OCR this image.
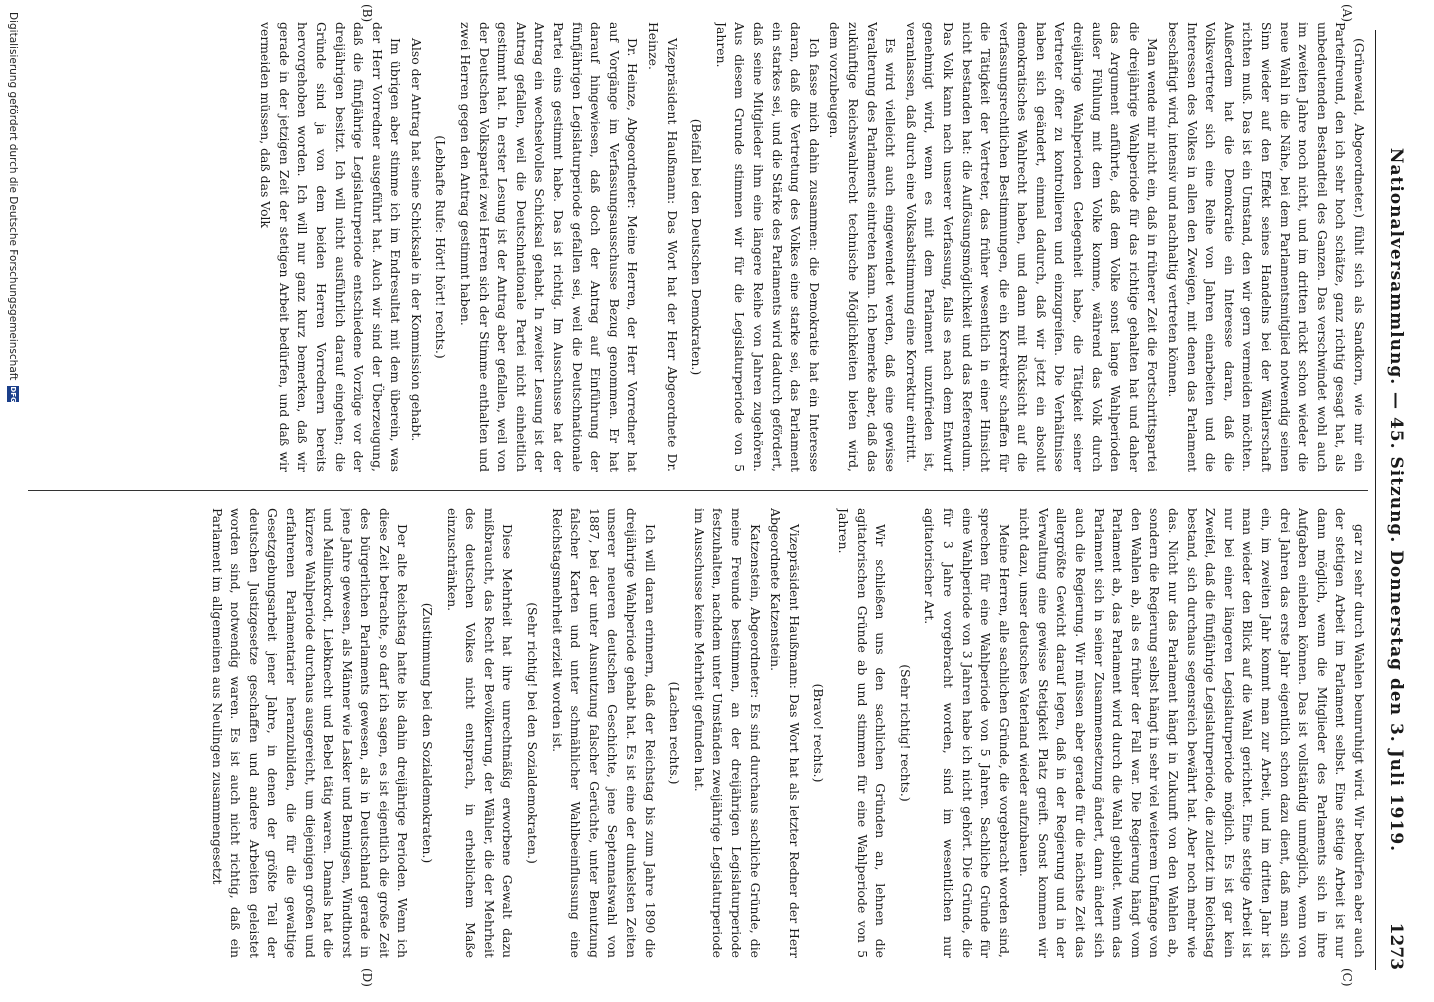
Nationalversammlung. — 45. Sitzung. Donnerstag den 3. Juli 1919.
1273
(A)
(B)
(C)
(D)

(Grünewald, Abgeordneter.) fühlt sich als Sandkorn, wie mir ein Parteifreund, den ich sehr hoch schätze, ganz richtig gesagt hat, als unbedeutenden Bestandteil des Ganzen. Das verschwindet wohl auch im zweiten Jahre noch nicht, und im dritten rückt schon wieder die neue Wahl in die Nähe, bei dem Parlamentsmitglied notwendig seinen Sinn wieder auf den Effekt seines Handelns bei der Wählerschaft richten muß. Das ist ein Umstand, den wir gern vermeiden möchten. Außerdem hat die Demokratie ein Interesse daran, daß die Volksvertreter sich eine Reihe von Jahren einarbeiten und die Interessen des Volkes in allen den Zweigen, mit denen das Parlament beschäftigt wird, intensiv und nachhaltig vertreten können.

Man wende mir nicht ein, daß in früherer Zeit die Fortschrittspartei die dreijährige Wahlperiode für das richtige gehalten hat und daher das Argument anführte, daß dem Volke sonst lange Wahlperioden außer Fühlung mit dem Volke komme, während das Volk durch dreijährige Wahlperioden Gelegenheit habe, die Tätigkeit seiner Vertreter öfter zu kontrollieren und einzugreifen. Die Verhältnisse haben sich geändert, einmal dadurch, daß wir jetzt ein absolut demokratisches Wahlrecht haben, und dann mit Rücksicht auf die verfassungsrechtlichen Bestimmungen, die ein Korrektiv schaffen für die Tätigkeit der Vertreter, das früher wesentlich in einer Hinsicht nicht bestanden hat: die Auflösungsmöglichkeit und das Referendum. Das Volk kann nach unserer Verfassung, falls es nach dem Entwurf genehmigt wird, wenn es mit dem Parlament unzufrieden ist, veranlassen, daß durch eine Volksabstimmung eine Korrektur eintritt.

Es wird vielleicht auch eingewendet werden, daß eine gewisse Veralterung des Parlaments eintreten kann. Ich bemerke aber, daß das zukünftige Reichswahlrecht technische Möglichkeiten bieten wird, dem vorzubeugen.

Ich fasse mich dahin zusammen: die Demokratie hat ein Interesse daran, daß die Vertretung des Volkes eine starke sei, das Parlament ein starkes sei, und die Stärke des Parlaments wird dadurch gefördert, daß seine Mitglieder ihm eine längere Reihe von Jahren zugehören. Aus diesem Grunde stimmen wir für die Legislaturperiode von 5 Jahren.

(Beifall bei den Deutschen Demokraten.)

Vizepräsident Haußmann: Das Wort hat der Herr Abgeordnete Dr. Heinze.

Dr. Heinze, Abgeordneter: Meine Herren, der Herr Vorredner hat auf Vorgänge im Verfassungsausschusse Bezug genommen. Er hat darauf hingewiesen, daß doch der Antrag auf Einführung der fünfjährigen Legislaturperiode gefallen sei, weil die Deutschnationale Partei eins gestimmt habe. Das ist richtig. Im Ausschusse hat der Antrag ein wechselvolles Schicksal gehabt. In zweiter Lesung ist der Antrag gefallen, weil die Deutschnationale Partei nicht einheitlich gestimmt hat. In erster Lesung ist der Antrag aber gefallen, weil von der Deutschen Volkspartei zwei Herren sich der Stimme enthalten und zwei Herren gegen den Antrag gestimmt haben.

(Lebhafte Rufe: Hört! hört! rechts.)

Also der Antrag hat seine Schicksale in der Kommission gehabt.

Im übrigen aber stimme ich im Endresultat mit dem überein, was der Herr Vorredner ausgeführt hat. Auch wir sind der Überzeugung, daß die fünfjährige Legislaturperiode entschiedene Vorzüge vor der dreijährigen besitzt. Ich will nicht ausführlich darauf eingehen; die Gründe sind ja von dem beiden Herren Vorrednern bereits hervorgehoben worden. Ich will nur ganz kurz bemerken, daß wir gerade in der jetzigen Zeit der stetigen Arbeit bedürfen, und daß wir vermeiden müssen, daß das Volk

gar zu sehr durch Wahlen beunruhigt wird. Wir bedürfen aber auch der stetigen Arbeit im Parlament selbst. Eine stetige Arbeit ist nur dann möglich, wenn die Mitglieder des Parlaments sich in ihre Aufgaben einleben können. Das ist vollständig unmöglich, wenn von drei Jahren das erste Jahr eigentlich schon dazu dient, daß man sich ein, im zweiten Jahr kommt man zur Arbeit, und im dritten Jahr ist man wieder den Blick auf die Wahl gerichtet. Eine stetige Arbeit ist nur bei einer längeren Legislaturperiode möglich. Es ist gar kein Zweifel, daß die fünfjährige Legislaturperiode, die zuletzt im Reichstag bestand, sich durchaus segensreich bewährt hat. Aber noch mehr wie das. Nicht nur das Parlament hängt in Zukunft von den Wahlen ab, sondern die Regierung selbst hängt in sehr viel weiterem Umfange von den Wahlen ab, als es früher der Fall war. Die Regierung hängt vom Parlament ab, das Parlament wird durch die Wahl gebildet. Wenn das Parlament sich in seiner Zusammensetzung ändert, dann ändert sich auch die Regierung. Wir müssen aber gerade für die nächste Zeit das allergrößte Gewicht darauf legen, daß in der Regierung und in der Verwaltung eine gewisse Stetigkeit Platz greift. Sonst kommen wir nicht dazu, unser deutsches Vaterland wieder aufzubauen.

Meine Herren, alle sachlichen Gründe, die vorgebracht worden sind, sprechen für eine Wahlperiode von 5 Jahren. Sachliche Gründe für eine Wahlperiode von 3 Jahren habe ich nicht gehört. Die Gründe, die für 3 Jahre vorgebracht worden, sind im wesentlichen nur agitatorischer Art.

(Sehr richtig! rechts.)

Wir schließen uns den sachlichen Gründen an, lehnen die agitatorischen Gründe ab und stimmen für eine Wahlperiode von 5 Jahren.

(Bravo! rechts.)

Vizepräsident Haußmann: Das Wort hat als letzter Redner der Herr Abgeordnete Katzenstein.

Katzenstein, Abgeordneter: Es sind durchaus sachliche Gründe, die meine Freunde bestimmen, an der dreijährigen Legislaturperiode festzuhalten, nachdem unter Umständen zweijährige Legislaturperiode im Ausschusse keine Mehrheit gefunden hat.

(Lachen rechts.)

Ich will daran erinnern, daß der Reichstag bis zum Jahre 1890 die dreijährige Wahlperiode gehabt hat. Es ist eine der dunkelsten Zeiten unserer neueren deutschen Geschichte, jene Septennatswahl von 1887, bei der unter Ausnutzung falscher Gerüchte, unter Benutzung falscher Karten und unter schmählicher Wahlbeeinflussung eine Reichstagsmehrheit erzielt worden ist.

(Sehr richtig! bei den Sozialdemokraten.)

Diese Mehrheit hat ihre unrechtmäßig erworbene Gewalt dazu mißbraucht, das Recht der Bevölkerung, der Wähler, die der Mehrheit des deutschen Volkes nicht entsprach, in erheblichem Maße einzuschränken.

(Zustimmung bei den Sozialdemokraten.)

Der alte Reichstag hatte bis dahin dreijährige Perioden. Wenn ich diese Zeit betrachte, so darf ich sagen, es ist eigentlich die große Zeit des bürgerlichen Parlaments gewesen, als in Deutschland gerade in jene Jahre gewesen, als Männer wie Lasker und Bennigsen, Windthorst und Mallinckrodt, Liebknecht und Bebel tätig waren. Damals hat die kürzere Wahlperiode durchaus ausgereicht, um diejenigen großen und erfahrenen Parlamentarier heranzubilden, die für die gewaltige Gesetzgebungsarbeit jener Jahre, in denen der größte Teil der deutschen Justizgesetze geschaffen und andere Arbeiten geleistet worden sind, notwendig waren. Es ist auch nicht richtig, daß ein Parlament im allgemeinen aus Neulingen zusammengesetzt

Digitalisierung gefördert durch die Deutsche Forschungsgemeinschaft
DFG
